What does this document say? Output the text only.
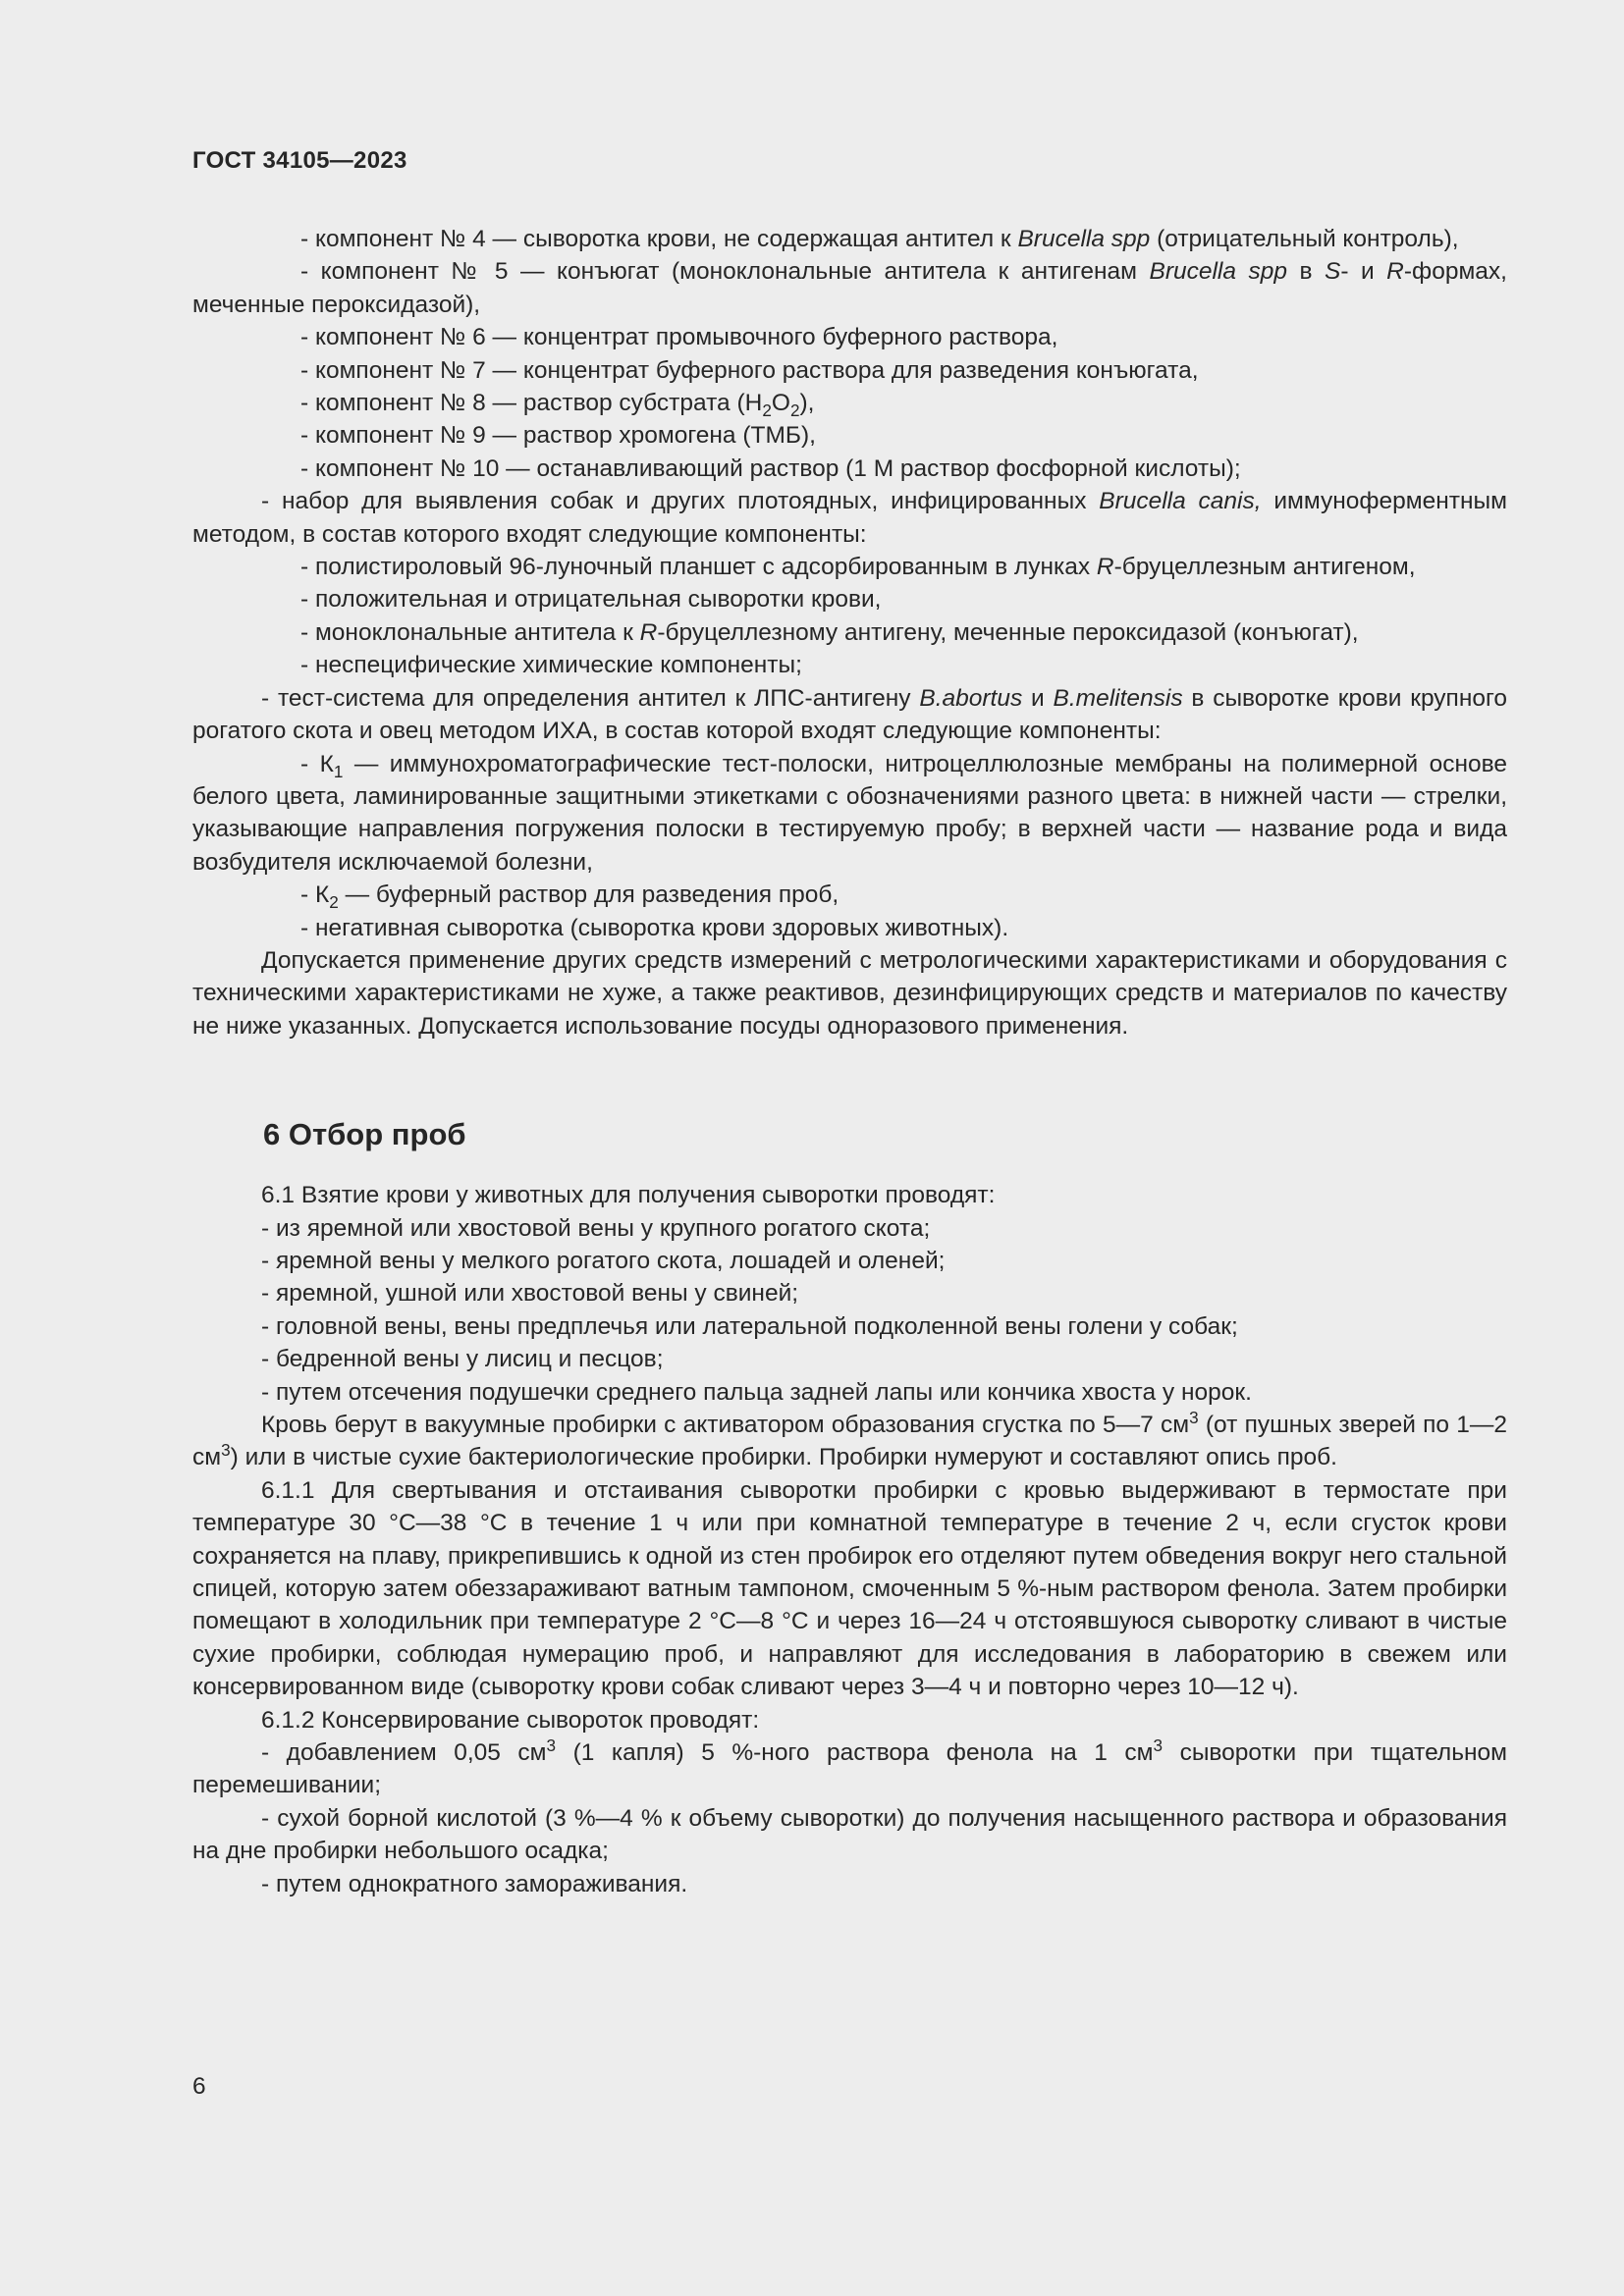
ГОСТ 34105—2023

- компонент № 4 — сыворотка крови, не содержащая антител к Brucella spp (отрицательный контроль),

- компонент № 5 — конъюгат (моноклональные антитела к антигенам Brucella spp в S- и R-формах, меченные пероксидазой),

- компонент № 6 — концентрат промывочного буферного раствора,

- компонент № 7 — концентрат буферного раствора для разведения конъюгата,

- компонент № 8 — раствор субстрата $(H_2O_2)$,

- компонент № 9 — раствор хромогена (ТМБ),

- компонент № 10 — останавливающий раствор (1 М раствор фосфорной кислоты);

- набор для выявления собак и других плотоядных, инфицированных Brucella canis, иммуноферментным методом, в состав которого входят следующие компоненты:

- полистироловый 96-луночный планшет с адсорбированным в лунках R-бруцеллезным антигеном,

- положительная и отрицательная сыворотки крови,

- моноклональные антитела к R-бруцеллезному антигену, меченные пероксидазой (конъюгат),

- неспецифические химические компоненты;

- тест-система для определения антител к ЛПС-антигену B.abortus и B.melitensis в сыворотке крови крупного рогатого скота и овец методом ИХА, в состав которой входят следующие компоненты:

- $К_1$ — иммунохроматографические тест-полоски, нитроцеллюлозные мембраны на полимерной основе белого цвета, ламинированные защитными этикетками с обозначениями разного цвета: в нижней части — стрелки, указывающие направления погружения полоски в тестируемую пробу; в верхней части — название рода и вида возбудителя исключаемой болезни,

- $К_2$ — буферный раствор для разведения проб,

- негативная сыворотка (сыворотка крови здоровых животных).

Допускается применение других средств измерений с метрологическими характеристиками и оборудования с техническими характеристиками не хуже, а также реактивов, дезинфицирующих средств и материалов по качеству не ниже указанных. Допускается использование посуды одноразового применения.

6 Отбор проб

6.1 Взятие крови у животных для получения сыворотки проводят:

- из яремной или хвостовой вены у крупного рогатого скота;

- яремной вены у мелкого рогатого скота, лошадей и оленей;

- яремной, ушной или хвостовой вены у свиней;

- головной вены, вены предплечья или латеральной подколенной вены голени у собак;

- бедренной вены у лисиц и песцов;

- путем отсечения подушечки среднего пальца задней лапы или кончика хвоста у норок.

Кровь берут в вакуумные пробирки с активатором образования сгустка по 5—7 $см^3$ (от пушных зверей по 1—2 $см^3$) или в чистые сухие бактериологические пробирки. Пробирки нумеруют и составляют опись проб.

6.1.1 Для свертывания и отстаивания сыворотки пробирки с кровью выдерживают в термостате при температуре 30 °С—38 °С в течение 1 ч или при комнатной температуре в течение 2 ч, если сгусток крови сохраняется на плаву, прикрепившись к одной из стен пробирок его отделяют путем обведения вокруг него стальной спицей, которую затем обеззараживают ватным тампоном, смоченным 5 %-ным раствором фенола. Затем пробирки помещают в холодильник при температуре 2 °С—8 °С и через 16—24 ч отстоявшуюся сыворотку сливают в чистые сухие пробирки, соблюдая нумерацию проб, и направляют для исследования в лабораторию в свежем или консервированном виде (сыворотку крови собак сливают через 3—4 ч и повторно через 10—12 ч).

6.1.2 Консервирование сывороток проводят:

- добавлением 0,05 $см^3$ (1 капля) 5 %-ного раствора фенола на 1 $см^3$ сыворотки при тщательном перемешивании;

- сухой борной кислотой (3 %—4 % к объему сыворотки) до получения насыщенного раствора и образования на дне пробирки небольшого осадка;

- путем однократного замораживания.

6
